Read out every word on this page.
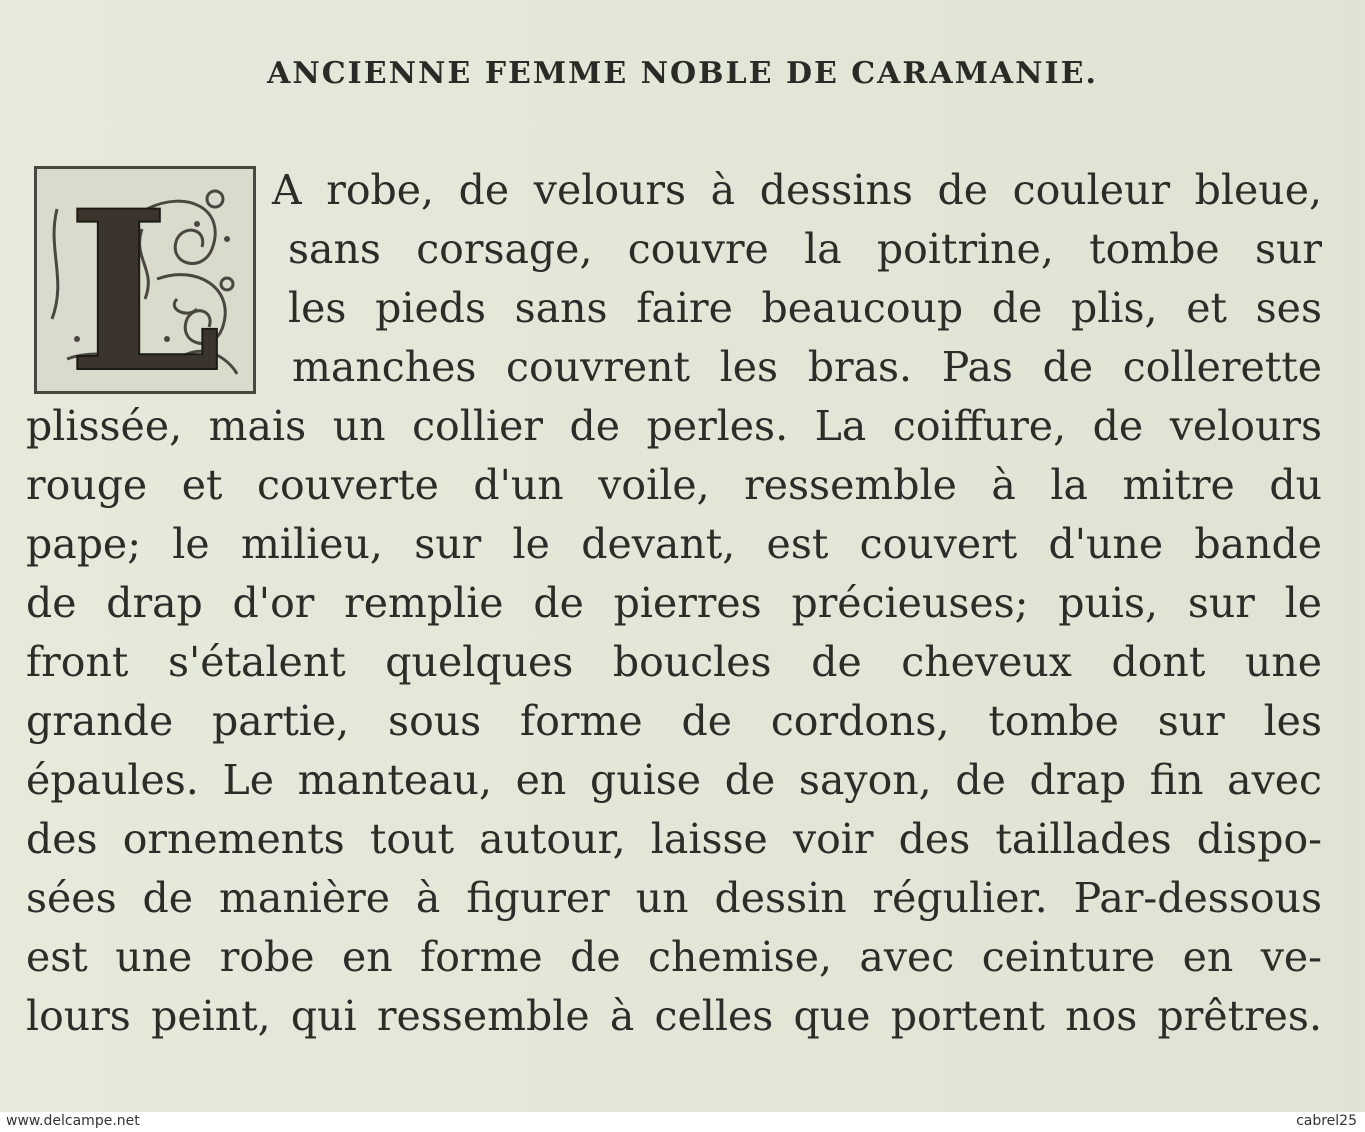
ANCIENNE FEMME NOBLE DE CARAMANIE.
L A robe, de velours à dessins de couleur bleue,
sans corsage, couvre la poitrine, tombe sur
les pieds sans faire beaucoup de plis, et ses
manches couvrent les bras. Pas de collerette
plissée, mais un collier de perles. La coiffure, de velours
rouge et couverte d'un voile, ressemble à la mitre du
pape; le milieu, sur le devant, est couvert d'une bande
de drap d'or remplie de pierres précieuses; puis, sur le
front s'étalent quelques boucles de cheveux dont une
grande partie, sous forme de cordons, tombe sur les
épaules. Le manteau, en guise de sayon, de drap fin avec
des ornements tout autour, laisse voir des taillades dispo-
sées de manière à figurer un dessin régulier. Par-dessous
est une robe en forme de chemise, avec ceinture en ve-
lours peint, qui ressemble à celles que portent nos prêtres.
www.delcampe.net	cabrel25
